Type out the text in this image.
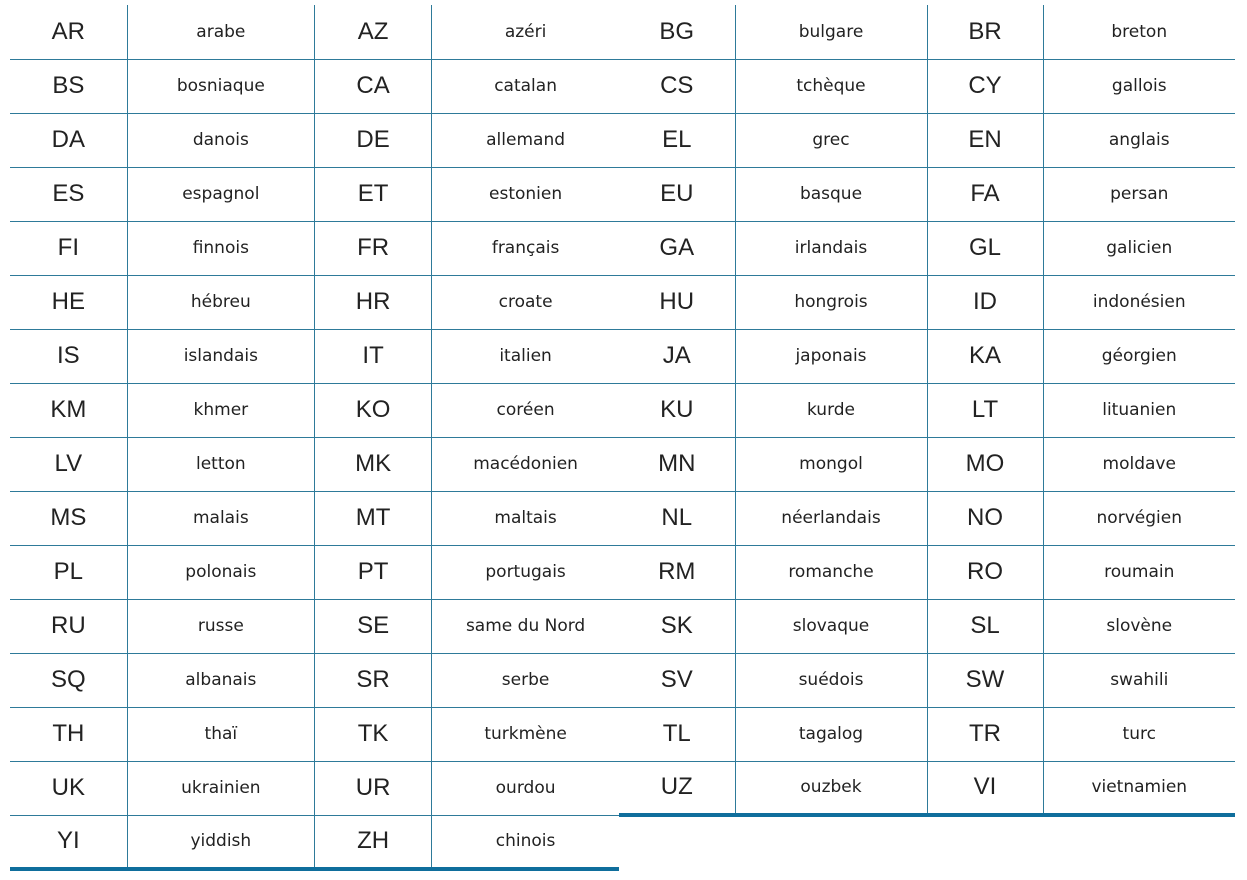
AR	arabe	AZ	azéri
BS	bosniaque	CA	catalan
DA	danois	DE	allemand
ES	espagnol	ET	estonien
FI	finnois	FR	français
HE	hébreu	HR	croate
IS	islandais	IT	italien
KM	khmer	KO	coréen
LV	letton	MK	macédonien
MS	malais	MT	maltais
PL	polonais	PT	portugais
RU	russe	SE	same du Nord
SQ	albanais	SR	serbe
TH	thaï	TK	turkmène
UK	ukrainien	UR	ourdou
YI	yiddish	ZH	chinois
BG	bulgare	BR	breton
CS	tchèque	CY	gallois
EL	grec	EN	anglais
EU	basque	FA	persan
GA	irlandais	GL	galicien
HU	hongrois	ID	indonésien
JA	japonais	KA	géorgien
KU	kurde	LT	lituanien
MN	mongol	MO	moldave
NL	néerlandais	NO	norvégien
RM	romanche	RO	roumain
SK	slovaque	SL	slovène
SV	suédois	SW	swahili
TL	tagalog	TR	turc
UZ	ouzbek	VI	vietnamien
